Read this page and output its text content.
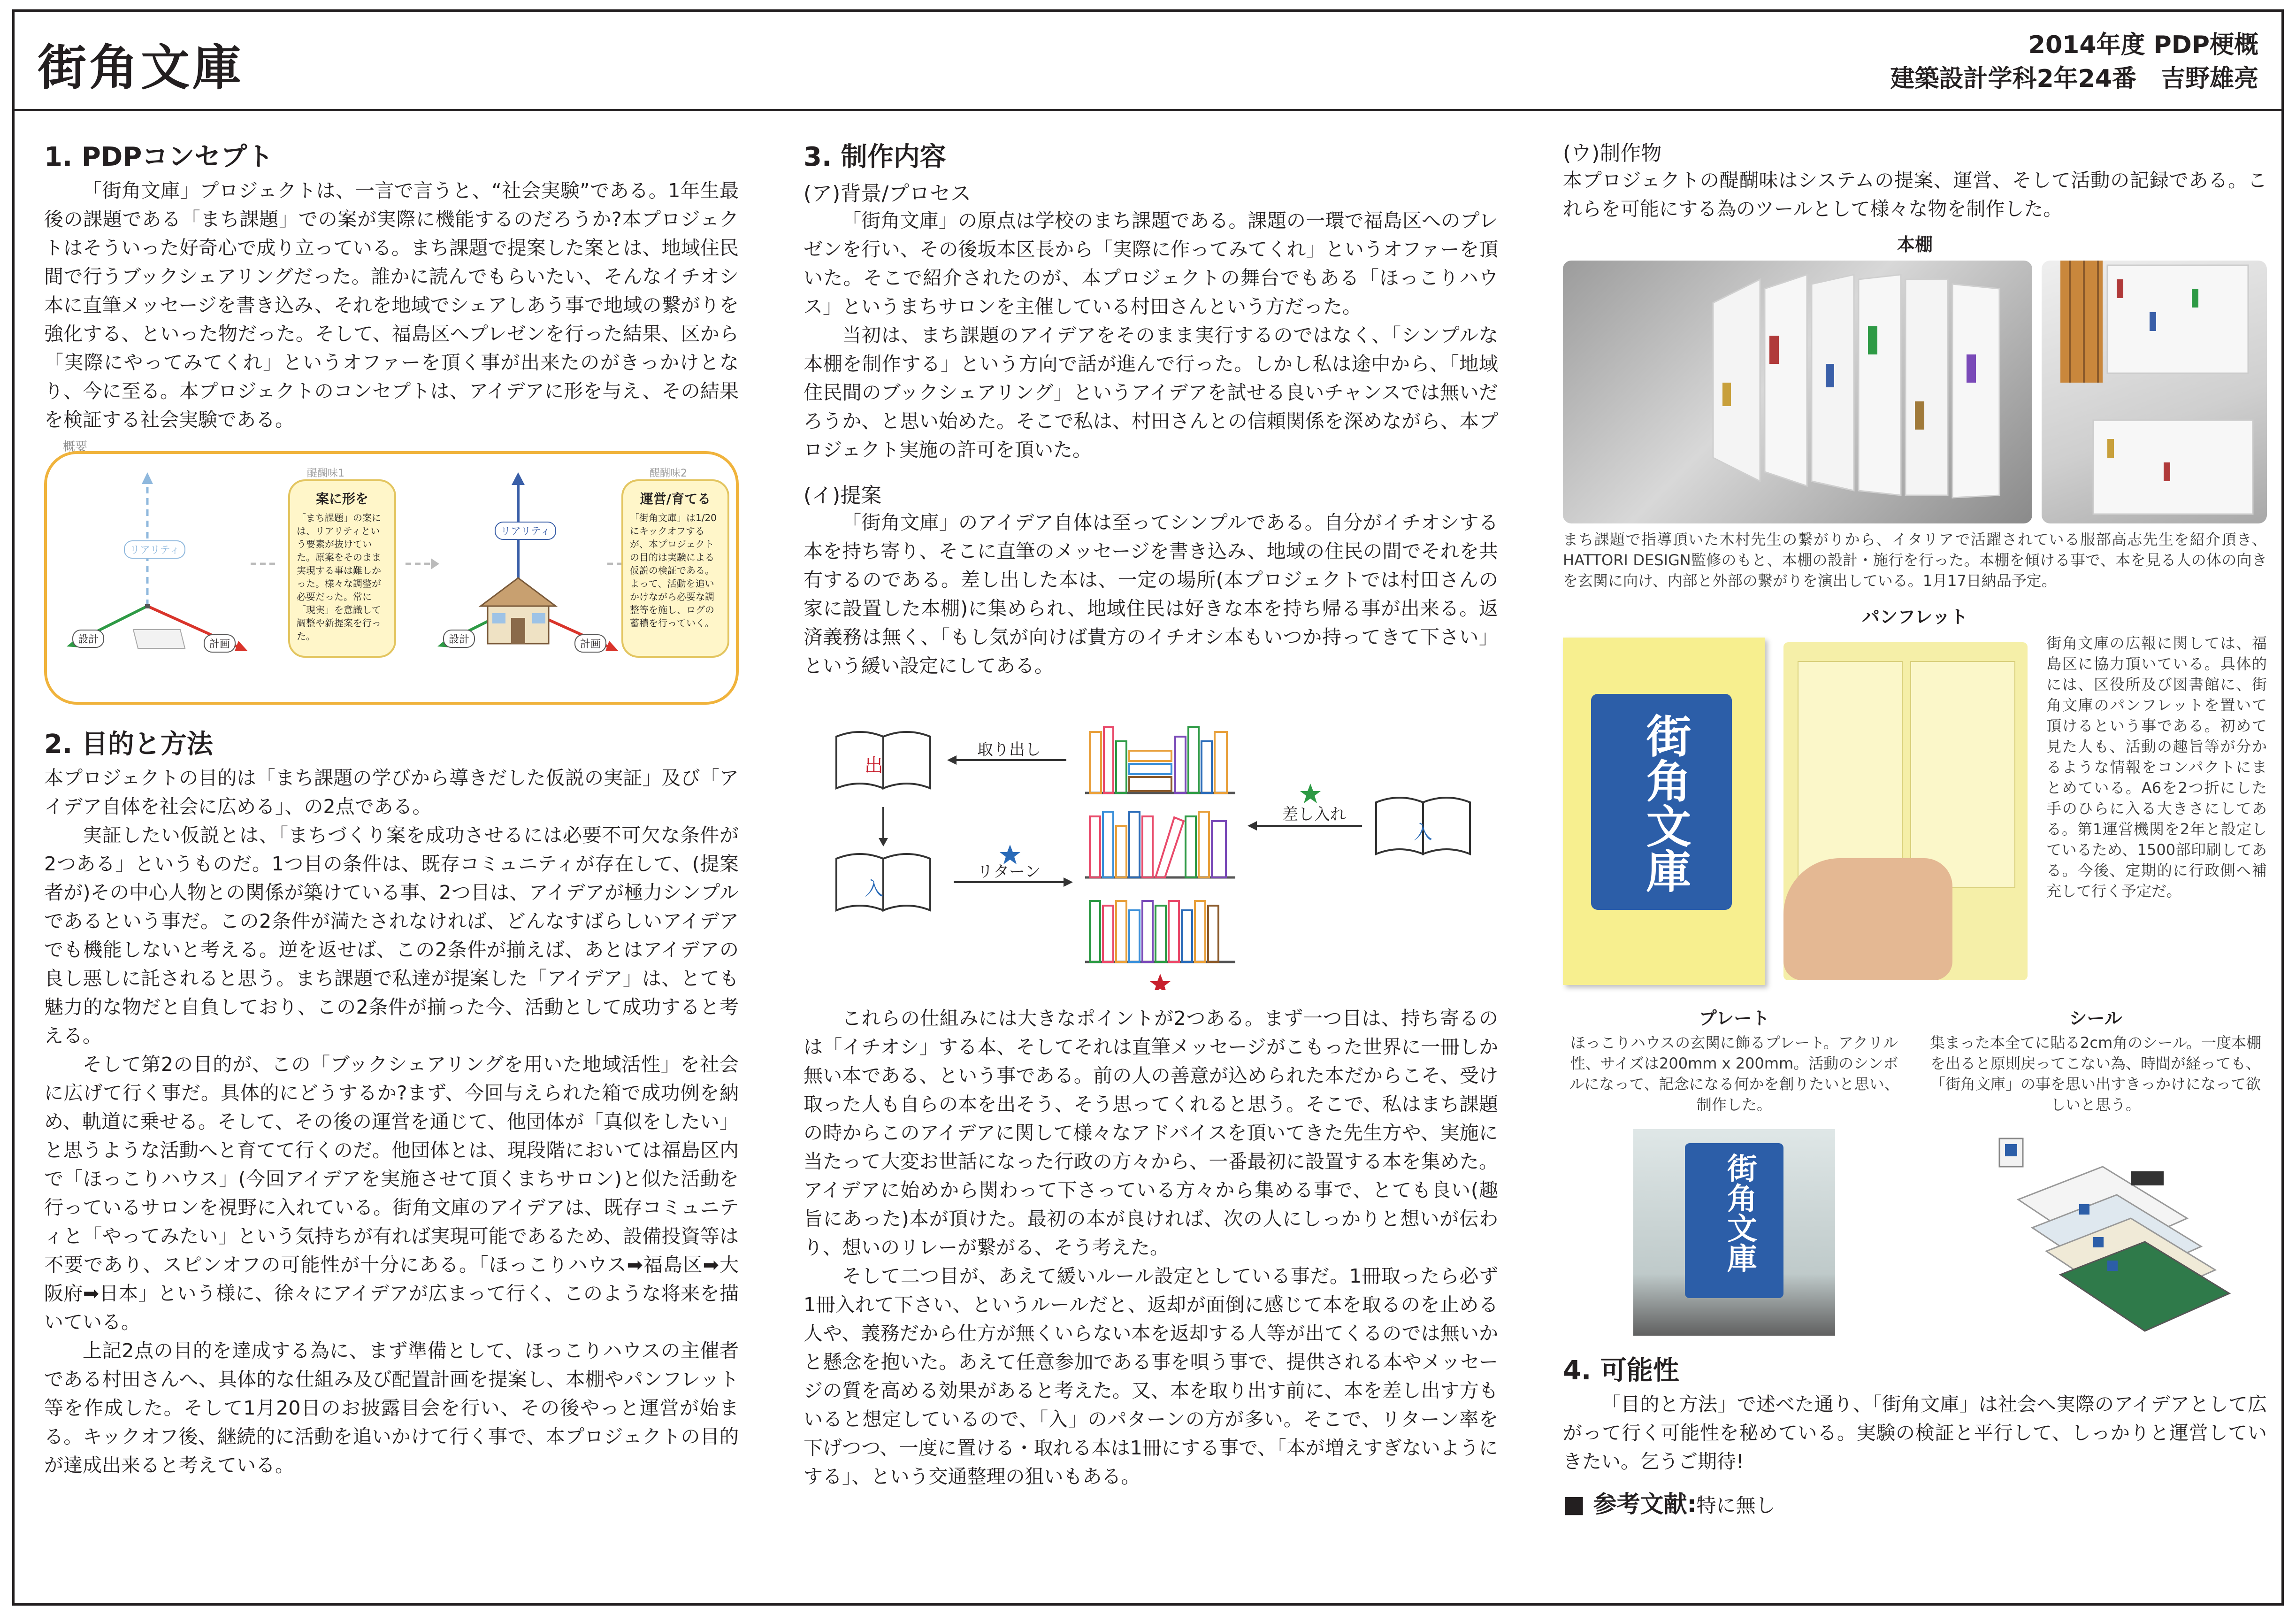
街角文庫	2014年度 PDP梗概
建築設計学科2年24番　吉野雄亮
1. PDPコンセプト

「街角文庫」プロジェクトは、一言で言うと、“社会実験”である。1年生最後の課題である「まち課題」での案が実際に機能するのだろうか?本プロジェクトはそういった好奇心で成り立っている。まち課題で提案した案とは、地域住民間で行うブックシェアリングだった。誰かに読んでもらいたい、そんなイチオシ本に直筆メッセージを書き込み、それを地域でシェアしあう事で地域の繋がりを強化する、といった物だった。そして、福島区へプレゼンを行った結果、区から「実際にやってみてくれ」というオファーを頂く事が出来たのがきっかけとなり、今に至る。本プロジェクトのコンセプトは、アイデアに形を与え、その結果を検証する社会実験である。

概要
醍醐味1
案に形を
「まち課題」の案には、リアリティという要素が抜けていた。原案をそのまま実現する事は難しかった。様々な調整が必要だった。常に「現実」を意識して調整や新提案を行った。
醍醐味2
運営/育てる
「街角文庫」は1/20にキックオフするが、本プロジェクトの目的は実験による仮説の検証である。よって、活動を追いかけながら必要な調整等を施し、ログの蓄積を行っていく。
リアリティ
設計	計画
リアリティ
設計	計画
2. 目的と方法

本プロジェクトの目的は「まち課題の学びから導きだした仮説の実証」及び「アイデア自体を社会に広める」、の2点である。

実証したい仮説とは、「まちづくり案を成功させるには必要不可欠な条件が2つある」というものだ。1つ目の条件は、既存コミュニティが存在して、(提案者が)その中心人物との関係が築けている事、2つ目は、アイデアが極力シンプルであるという事だ。この2条件が満たされなければ、どんなすばらしいアイデアでも機能しないと考える。逆を返せば、この2条件が揃えば、あとはアイデアの良し悪しに託されると思う。まち課題で私達が提案した「アイデア」は、とても魅力的な物だと自負しており、この2条件が揃った今、活動として成功すると考える。

そして第2の目的が、この「ブックシェアリングを用いた地域活性」を社会に広げて行く事だ。具体的にどうするか?まず、今回与えられた箱で成功例を納め、軌道に乗せる。そして、その後の運営を通じて、他団体が「真似をしたい」と思うような活動へと育てて行くのだ。他団体とは、現段階においては福島区内で「ほっこりハウス」(今回アイデアを実施させて頂くまちサロン)と似た活動を行っているサロンを視野に入れている。街角文庫のアイデアは、既存コミュニティと「やってみたい」という気持ちが有れば実現可能であるため、設備投資等は不要であり、スピンオフの可能性が十分にある。「ほっこりハウス➡福島区➡大阪府➡日本」という様に、徐々にアイデアが広まって行く、このような将来を描いている。

上記2点の目的を達成する為に、まず準備として、ほっこりハウスの主催者である村田さんへ、具体的な仕組み及び配置計画を提案し、本棚やパンフレット等を作成した。そして1月20日のお披露目会を行い、その後やっと運営が始まる。キックオフ後、継続的に活動を追いかけて行く事で、本プロジェクトの目的が達成出来ると考えている。

3. 制作内容
(ア)背景/プロセス

「街角文庫」の原点は学校のまち課題である。課題の一環で福島区へのプレゼンを行い、その後坂本区長から「実際に作ってみてくれ」というオファーを頂いた。そこで紹介されたのが、本プロジェクトの舞台でもある「ほっこりハウス」というまちサロンを主催している村田さんという方だった。

当初は、まち課題のアイデアをそのまま実行するのではなく、「シンプルな本棚を制作する」という方向で話が進んで行った。しかし私は途中から、「地域住民間のブックシェアリング」というアイデアを試せる良いチャンスでは無いだろうか、と思い始めた。そこで私は、村田さんとの信頼関係を深めながら、本プロジェクト実施の許可を頂いた。

(イ)提案

「街角文庫」のアイデア自体は至ってシンプルである。自分がイチオシする本を持ち寄り、そこに直筆のメッセージを書き込み、地域の住民の間でそれを共有するのである。差し出した本は、一定の場所(本プロジェクトでは村田さんの家に設置した本棚)に集められ、地域住民は好きな本を持ち帰る事が出来る。返済義務は無く、「もし気が向けば貴方のイチオシ本もいつか持ってきて下さい」という緩い設定にしてある。

出
入
入
取り出し
リターン
差し入れ

これらの仕組みには大きなポイントが2つある。まず一つ目は、持ち寄るのは「イチオシ」する本、そしてそれは直筆メッセージがこもった世界に一冊しか無い本である、という事である。前の人の善意が込められた本だからこそ、受け取った人も自らの本を出そう、そう思ってくれると思う。そこで、私はまち課題の時からこのアイデアに関して様々なアドバイスを頂いてきた先生方や、実施に当たって大変お世話になった行政の方々から、一番最初に設置する本を集めた。アイデアに始めから関わって下さっている方々から集める事で、とても良い(趣旨にあった)本が頂けた。最初の本が良ければ、次の人にしっかりと想いが伝わり、想いのリレーが繋がる、そう考えた。

そして二つ目が、あえて緩いルール設定としている事だ。1冊取ったら必ず1冊入れて下さい、というルールだと、返却が面倒に感じて本を取るのを止める人や、義務だから仕方が無くいらない本を返却する人等が出てくるのでは無いかと懸念を抱いた。あえて任意参加である事を唄う事で、提供される本やメッセージの質を高める効果があると考えた。又、本を取り出す前に、本を差し出す方もいると想定しているので、「入」のパターンの方が多い。そこで、リターン率を下げつつ、一度に置ける・取れる本は1冊にする事で、「本が増えすぎないようにする」、という交通整理の狙いもある。

(ウ)制作物

本プロジェクトの醍醐味はシステムの提案、運営、そして活動の記録である。これらを可能にする為のツールとして様々な物を制作した。

本棚

まち課題で指導頂いた木村先生の繋がりから、イタリアで活躍されている服部高志先生を紹介頂き、HATTORI DESIGN監修のもと、本棚の設計・施行を行った。本棚を傾ける事で、本を見る人の体の向きを玄関に向け、内部と外部の繋がりを演出している。1月17日納品予定。

パンフレット
街角文庫

街角文庫の広報に関しては、福島区に協力頂いている。具体的には、区役所及び図書館に、街角文庫のパンフレットを置いて頂けるという事である。初めて見た人も、活動の趣旨等が分かるような情報をコンパクトにまとめている。A6を2つ折にした手のひらに入る大きさにしてある。第1運営機関を2年と設定しているため、1500部印刷してある。今後、定期的に行政側へ補充して行く予定だ。

プレート

ほっこりハウスの玄関に飾るプレート。アクリル性、サイズは200mm x 200mm。活動のシンボルになって、記念になる何かを創りたいと思い、制作した。

街角文庫
シール

集まった本全てに貼る2cm角のシール。一度本棚を出ると原則戻ってこない為、時間が経っても、「街角文庫」の事を思い出すきっかけになって欲しいと思う。

4. 可能性

「目的と方法」で述べた通り、「街角文庫」は社会へ実際のアイデアとして広がって行く可能性を秘めている。実験の検証と平行して、しっかりと運営していきたい。乞うご期待!

■ 参考文献:特に無し
